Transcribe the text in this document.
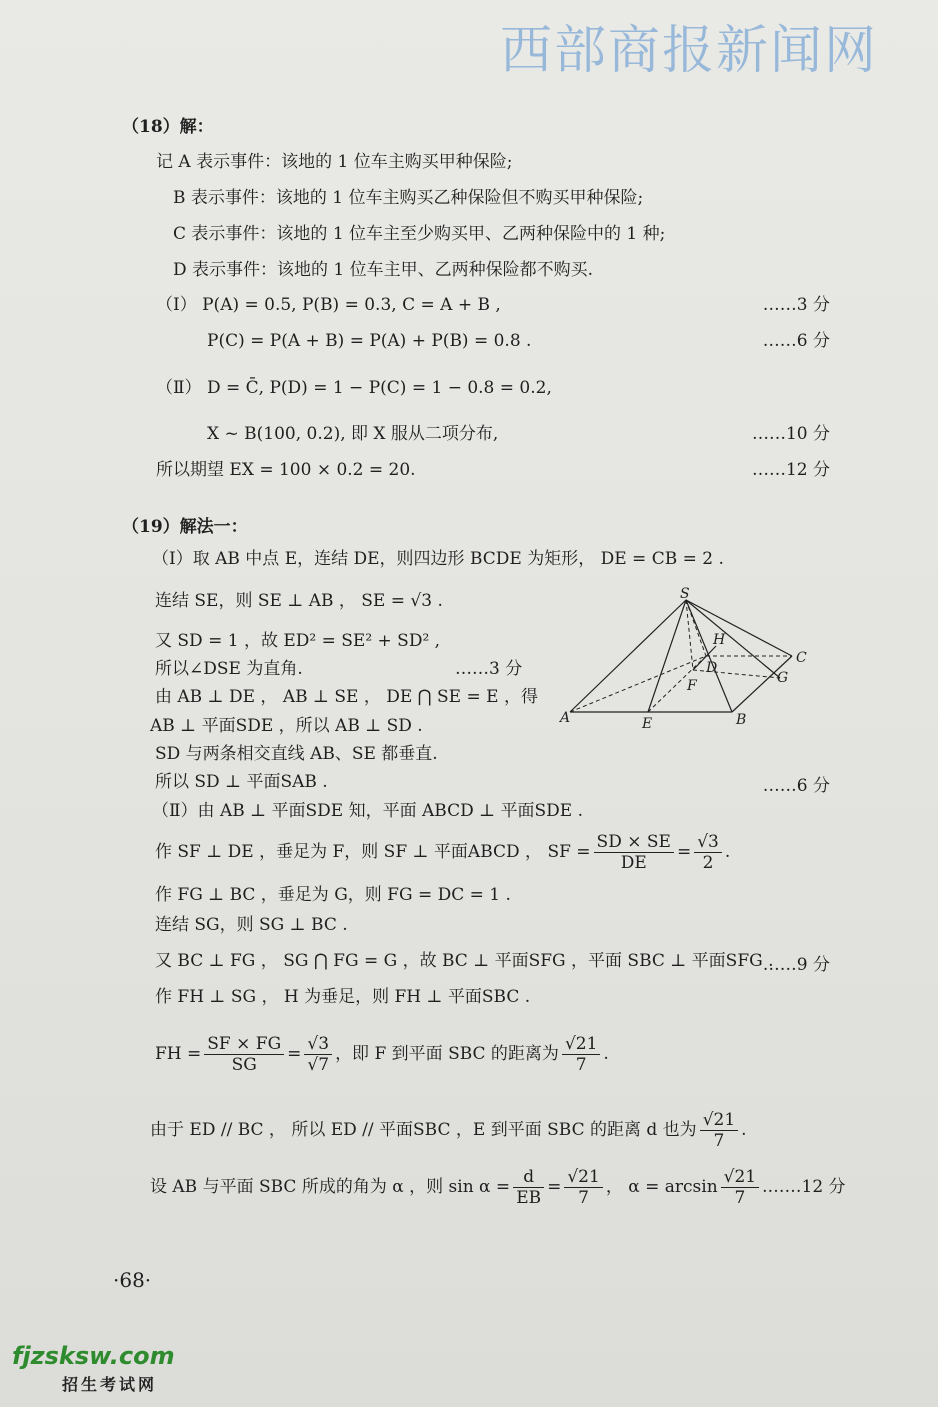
西部商报新闻网
（18）解：
记 A 表示事件：该地的 1 位车主购买甲种保险;
B 表示事件：该地的 1 位车主购买乙种保险但不购买甲种保险;
C 表示事件：该地的 1 位车主至少购买甲、乙两种保险中的 1 种;
D 表示事件：该地的 1 位车主甲、乙两种保险都不购买.
（Ⅰ） P(A) = 0.5, P(B) = 0.3, C = A + B ,	……3 分
P(C) = P(A + B) = P(A) + P(B) = 0.8 .	……6 分
（Ⅱ） D = C̄, P(D) = 1 − P(C) = 1 − 0.8 = 0.2,
X ~ B(100, 0.2), 即 X 服从二项分布,	……10 分
所以期望 EX = 100 × 0.2 = 20.	……12 分
（19）解法一：
（Ⅰ）取 AB 中点 E，连结 DE，则四边形 BCDE 为矩形， DE = CB = 2 .
连结 SE，则 SE ⊥ AB ， SE = √3 .
又 SD = 1 ，故 ED² = SE² + SD² ,
所以∠DSE 为直角.	……3 分
由 AB ⊥ DE ， AB ⊥ SE ， DE ⋂ SE = E ，得
AB ⊥ 平面SDE ，所以 AB ⊥ SD .
SD 与两条相交直线 AB、SE 都垂直.
所以 SD ⊥ 平面SAB .	……6 分
（Ⅱ）由 AB ⊥ 平面SDE 知，平面 ABCD ⊥ 平面SDE .
作 SF ⊥ DE ，垂足为 F，则 SF ⊥ 平面ABCD ， SF = $\frac{SD \times SE}{DE} = \frac{√3}{2}$ .
作 FG ⊥ BC ，垂足为 G，则 FG = DC = 1 .
连结 SG，则 SG ⊥ BC .
又 BC ⊥ FG ， SG ⋂ FG = G ，故 BC ⊥ 平面SFG ，平面 SBC ⊥ 平面SFG .
……9 分
作 FH ⊥ SG ， H 为垂足，则 FH ⊥ 平面SBC .
FH = $\frac{SF \times FG}{SG} = \frac{√3}{√7}$ ，即 F 到平面 SBC 的距离为 $\frac{√21}{7}$ .
由于 ED // BC ， 所以 ED // 平面SBC ，E 到平面 SBC 的距离 d 也为 $\frac{√21}{7}$ .
设 AB 与平面 SBC 所成的角为 α ，则 $\sin \alpha = \frac{d}{EB} = \frac{√21}{7}$ ， $\alpha = \arcsin \frac{√21}{7}$ .……12 分
S
H
D
C
F	G
A	E	B
·68·
fjzsksw.com
招生考试网
